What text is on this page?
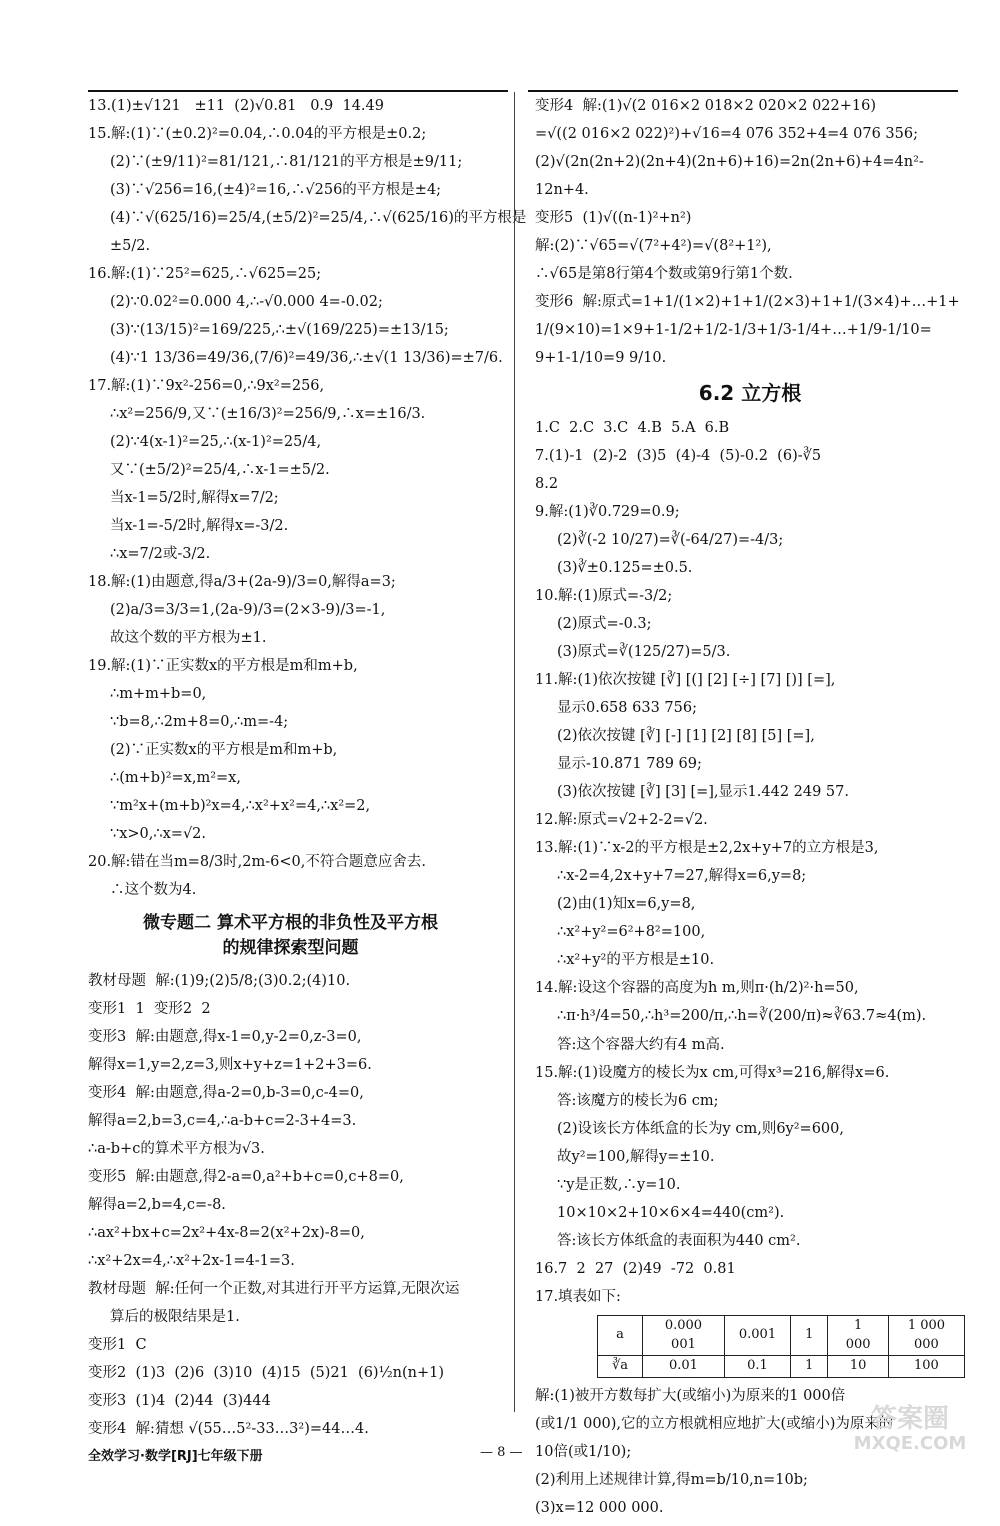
13.(1)±√121   ±11  (2)√0.81   0.9  14.49
15.解:(1)∵(±0.2)²=0.04,∴0.04的平方根是±0.2;
(2)∵(±9/11)²=81/121,∴81/121的平方根是±9/11;
(3)∵√256=16,(±4)²=16,∴√256的平方根是±4;
(4)∵√(625/16)=25/4,(±5/2)²=25/4,∴√(625/16)的平方根是
±5/2.
16.解:(1)∵25²=625,∴√625=25;
(2)∵0.02²=0.000 4,∴-√0.000 4=-0.02;
(3)∵(13/15)²=169/225,∴±√(169/225)=±13/15;
(4)∵1 13/36=49/36,(7/6)²=49/36,∴±√(1 13/36)=±7/6.
17.解:(1)∵9x²-256=0,∴9x²=256,
∴x²=256/9,又∵(±16/3)²=256/9,∴x=±16/3.
(2)∵4(x-1)²=25,∴(x-1)²=25/4,
又∵(±5/2)²=25/4,∴x-1=±5/2.
当x-1=5/2时,解得x=7/2;
当x-1=-5/2时,解得x=-3/2.
∴x=7/2或-3/2.
18.解:(1)由题意,得a/3+(2a-9)/3=0,解得a=3;
(2)a/3=3/3=1,(2a-9)/3=(2×3-9)/3=-1,
故这个数的平方根为±1.
19.解:(1)∵正实数x的平方根是m和m+b,
∴m+m+b=0,
∵b=8,∴2m+8=0,∴m=-4;
(2)∵正实数x的平方根是m和m+b,
∴(m+b)²=x,m²=x,
∵m²x+(m+b)²x=4,∴x²+x²=4,∴x²=2,
∵x>0,∴x=√2.
20.解:错在当m=8/3时,2m-6<0,不符合题意应舍去.
∴这个数为4.
微专题二 算术平方根的非负性及平方根
的规律探索型问题
教材母题  解:(1)9;(2)5/8;(3)0.2;(4)10.
变形1  1  变形2  2
变形3  解:由题意,得x-1=0,y-2=0,z-3=0,
解得x=1,y=2,z=3,则x+y+z=1+2+3=6.
变形4  解:由题意,得a-2=0,b-3=0,c-4=0,
解得a=2,b=3,c=4,∴a-b+c=2-3+4=3.
∴a-b+c的算术平方根为√3.
变形5  解:由题意,得2-a=0,a²+b+c=0,c+8=0,
解得a=2,b=4,c=-8.
∴ax²+bx+c=2x²+4x-8=2(x²+2x)-8=0,
∴x²+2x=4,∴x²+2x-1=4-1=3.
教材母题  解:任何一个正数,对其进行开平方运算,无限次运
算后的极限结果是1.
变形1  C
变形2  (1)3  (2)6  (3)10  (4)15  (5)21  (6)½n(n+1)
变形3  (1)4  (2)44  (3)444
变形4  解:猜想 √(55…5²-33…3²)=44…4.
变形4  解:(1)√(2 016×2 018×2 020×2 022+16)
=√((2 016×2 022)²)+√16=4 076 352+4=4 076 356;
(2)√(2n(2n+2)(2n+4)(2n+6)+16)=2n(2n+6)+4=4n²-
12n+4.
变形5  (1)√((n-1)²+n²)
解:(2)∵√65=√(7²+4²)=√(8²+1²),
∴√65是第8行第4个数或第9行第1个数.
变形6  解:原式=1+1/(1×2)+1+1/(2×3)+1+1/(3×4)+…+1+
1/(9×10)=1×9+1-1/2+1/2-1/3+1/3-1/4+…+1/9-1/10=
9+1-1/10=9 9/10.
6.2 立方根
1.C  2.C  3.C  4.B  5.A  6.B
7.(1)-1  (2)-2  (3)5  (4)-4  (5)-0.2  (6)-∛5
8.2
9.解:(1)∛0.729=0.9;
(2)∛(-2 10/27)=∛(-64/27)=-4/3;
(3)∛±0.125=±0.5.
10.解:(1)原式=-3/2;
(2)原式=-0.3;
(3)原式=∛(125/27)=5/3.
11.解:(1)依次按键 [∛] [(] [2] [÷] [7] [)] [=],
显示0.658 633 756;
(2)依次按键 [∛] [-] [1] [2] [8] [5] [=],
显示-10.871 789 69;
(3)依次按键 [∛] [3] [=],显示1.442 249 57.
12.解:原式=√2+2-2=√2.
13.解:(1)∵x-2的平方根是±2,2x+y+7的立方根是3,
∴x-2=4,2x+y+7=27,解得x=6,y=8;
(2)由(1)知x=6,y=8,
∴x²+y²=6²+8²=100,
∴x²+y²的平方根是±10.
14.解:设这个容器的高度为h m,则π·(h/2)²·h=50,
∴π·h³/4=50,∴h³=200/π,∴h=∛(200/π)≈∛63.7≈4(m).
答:这个容器大约有4 m高.
15.解:(1)设魔方的棱长为x cm,可得x³=216,解得x=6.
答:该魔方的棱长为6 cm;
(2)设该长方体纸盒的长为y cm,则6y²=600,
故y²=100,解得y=±10.
∵y是正数,∴y=10.
10×10×2+10×6×4=440(cm²).
答:该长方体纸盒的表面积为440 cm².
16.7  2  27  (2)49  -72  0.81
17.填表如下:
a	0.000 001	0.001	1	1 000	1 000 000
∛a	0.01	0.1	1	10	100
解:(1)被开方数每扩大(或缩小)为原来的1 000倍
(或1/1 000),它的立方根就相应地扩大(或缩小)为原来的
10倍(或1/10);
(2)利用上述规律计算,得m=b/10,n=10b;
(3)x=12 000 000.
全效学习·数学[RJ]七年级下册	— 8 —
答案圈
MXQE.COM
